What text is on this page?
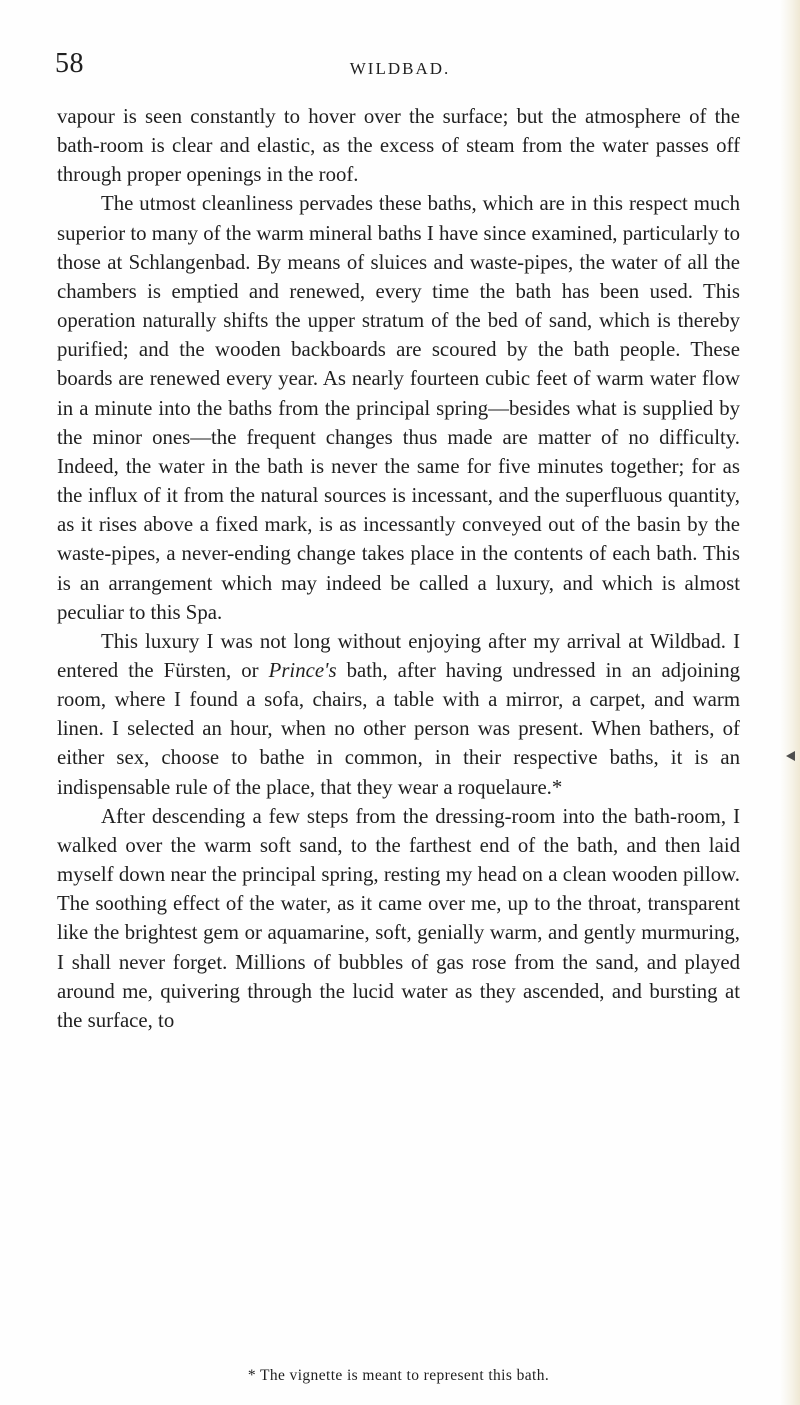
58	WILDBAD.

vapour is seen constantly to hover over the surface; but the atmosphere of the bath-room is clear and elastic, as the excess of steam from the water passes off through proper openings in the roof.

The utmost cleanliness pervades these baths, which are in this respect much superior to many of the warm mineral baths I have since examined, particularly to those at Schlangenbad. By means of sluices and waste-pipes, the water of all the chambers is emptied and renewed, every time the bath has been used. This operation naturally shifts the upper stratum of the bed of sand, which is thereby purified; and the wooden backboards are scoured by the bath people. These boards are renewed every year. As nearly fourteen cubic feet of warm water flow in a minute into the baths from the principal spring—besides what is supplied by the minor ones—the frequent changes thus made are matter of no difficulty. Indeed, the water in the bath is never the same for five minutes together; for as the influx of it from the natural sources is incessant, and the superfluous quantity, as it rises above a fixed mark, is as incessantly conveyed out of the basin by the waste-pipes, a never-ending change takes place in the contents of each bath. This is an arrangement which may indeed be called a luxury, and which is almost peculiar to this Spa.

This luxury I was not long without enjoying after my arrival at Wildbad. I entered the Fürsten, or Prince's bath, after having undressed in an adjoining room, where I found a sofa, chairs, a table with a mirror, a carpet, and warm linen. I selected an hour, when no other person was present. When bathers, of either sex, choose to bathe in common, in their respective baths, it is an indispensable rule of the place, that they wear a roquelaure.*

After descending a few steps from the dressing-room into the bath-room, I walked over the warm soft sand, to the farthest end of the bath, and then laid myself down near the principal spring, resting my head on a clean wooden pillow. The soothing effect of the water, as it came over me, up to the throat, transparent like the brightest gem or aquamarine, soft, genially warm, and gently murmuring, I shall never forget. Millions of bubbles of gas rose from the sand, and played around me, quivering through the lucid water as they ascended, and bursting at the surface, to

* The vignette is meant to represent this bath.
